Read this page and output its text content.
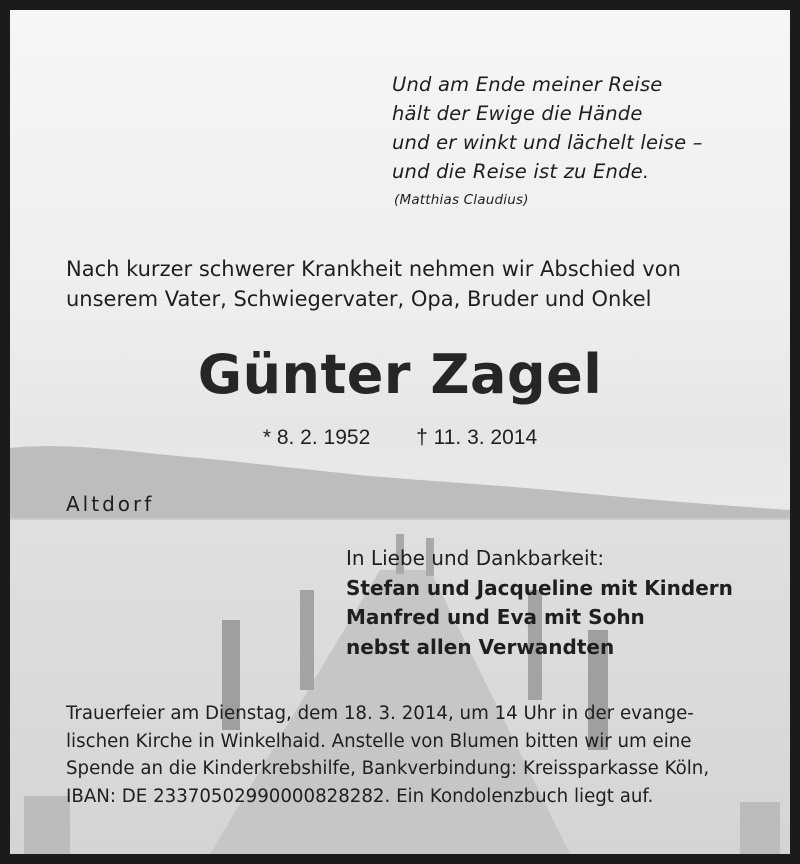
Und am Ende meiner Reise
hält der Ewige die Hände
und er winkt und lächelt leise –
und die Reise ist zu Ende.
(Matthias Claudius)
Nach kurzer schwerer Krankheit nehmen wir Abschied von
unserem Vater, Schwiegervater, Opa, Bruder und Onkel
Günter Zagel
* 8. 2. 1952 † 11. 3. 2014
Altdorf
In Liebe und Dankbarkeit:
Stefan und Jacqueline mit Kindern
Manfred und Eva mit Sohn
nebst allen Verwandten
Trauerfeier am Dienstag, dem 18. 3. 2014, um 14 Uhr in der evange-
lischen Kirche in Winkelhaid. Anstelle von Blumen bitten wir um eine
Spende an die Kinderkrebshilfe, Bankverbindung: Kreissparkasse Köln,
IBAN: DE 23370502990000828282. Ein Kondolenzbuch liegt auf.
